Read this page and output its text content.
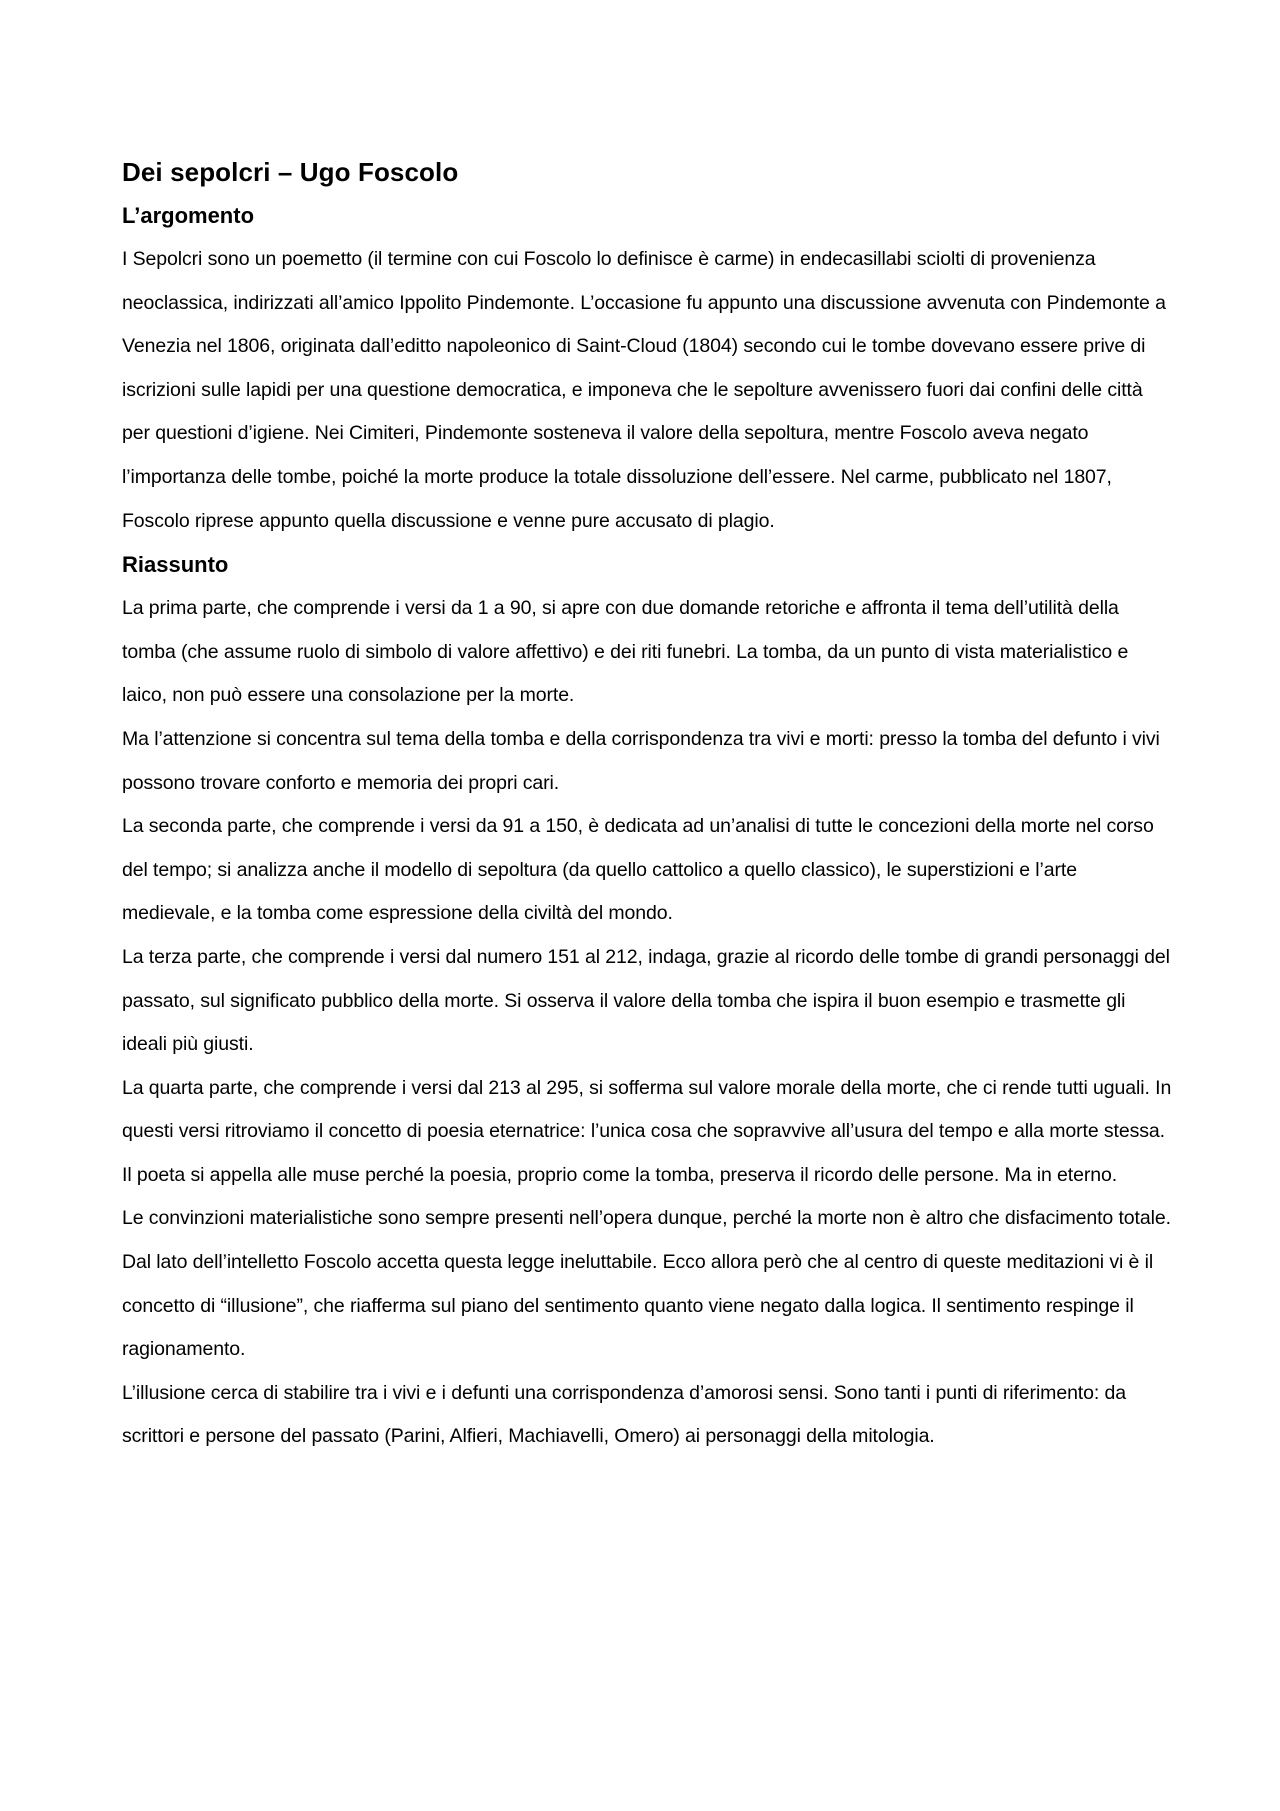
Dei sepolcri – Ugo Foscolo
L’argomento

I Sepolcri sono un poemetto (il termine con cui Foscolo lo definisce è carme) in endecasillabi sciolti di provenienza neoclassica, indirizzati all’amico Ippolito Pindemonte. L’occasione fu appunto una discussione avvenuta con Pindemonte a Venezia nel 1806, originata dall’editto napoleonico di Saint-Cloud (1804) secondo cui le tombe dovevano essere prive di iscrizioni sulle lapidi per una questione democratica, e imponeva che le sepolture avvenissero fuori dai confini delle città per questioni d’igiene. Nei Cimiteri, Pindemonte sosteneva il valore della sepoltura, mentre Foscolo aveva negato l’importanza delle tombe, poiché la morte produce la totale dissoluzione dell’essere. Nel carme, pubblicato nel 1807, Foscolo riprese appunto quella discussione e venne pure accusato di plagio.

Riassunto

La prima parte, che comprende i versi da 1 a 90, si apre con due domande retoriche e affronta il tema dell’utilità della tomba (che assume ruolo di simbolo di valore affettivo) e dei riti funebri. La tomba, da un punto di vista materialistico e laico, non può essere una consolazione per la morte.

Ma l’attenzione si concentra sul tema della tomba e della corrispondenza tra vivi e morti: presso la tomba del defunto i vivi possono trovare conforto e memoria dei propri cari.

La seconda parte, che comprende i versi da 91 a 150, è dedicata ad un’analisi di tutte le concezioni della morte nel corso del tempo; si analizza anche il modello di sepoltura (da quello cattolico a quello classico), le superstizioni e l’arte medievale, e la tomba come espressione della civiltà del mondo.

La terza parte, che comprende i versi dal numero 151 al 212, indaga, grazie al ricordo delle tombe di grandi personaggi del passato, sul significato pubblico della morte. Si osserva il valore della tomba che ispira il buon esempio e trasmette gli ideali più giusti.

La quarta parte, che comprende i versi dal 213 al 295, si sofferma sul valore morale della morte, che ci rende tutti uguali. In questi versi ritroviamo il concetto di poesia eternatrice: l’unica cosa che sopravvive all’usura del tempo e alla morte stessa. Il poeta si appella alle muse perché la poesia, proprio come la tomba, preserva il ricordo delle persone. Ma in eterno.

Le convinzioni materialistiche sono sempre presenti nell’opera dunque, perché la morte non è altro che disfacimento totale. Dal lato dell’intelletto Foscolo accetta questa legge ineluttabile. Ecco allora però che al centro di queste meditazioni vi è il concetto di “illusione”, che riafferma sul piano del sentimento quanto viene negato dalla logica. Il sentimento respinge il ragionamento.

L’illusione cerca di stabilire tra i vivi e i defunti una corrispondenza d’amorosi sensi. Sono tanti i punti di riferimento: da scrittori e persone del passato (Parini, Alfieri, Machiavelli, Omero) ai personaggi della mitologia.
